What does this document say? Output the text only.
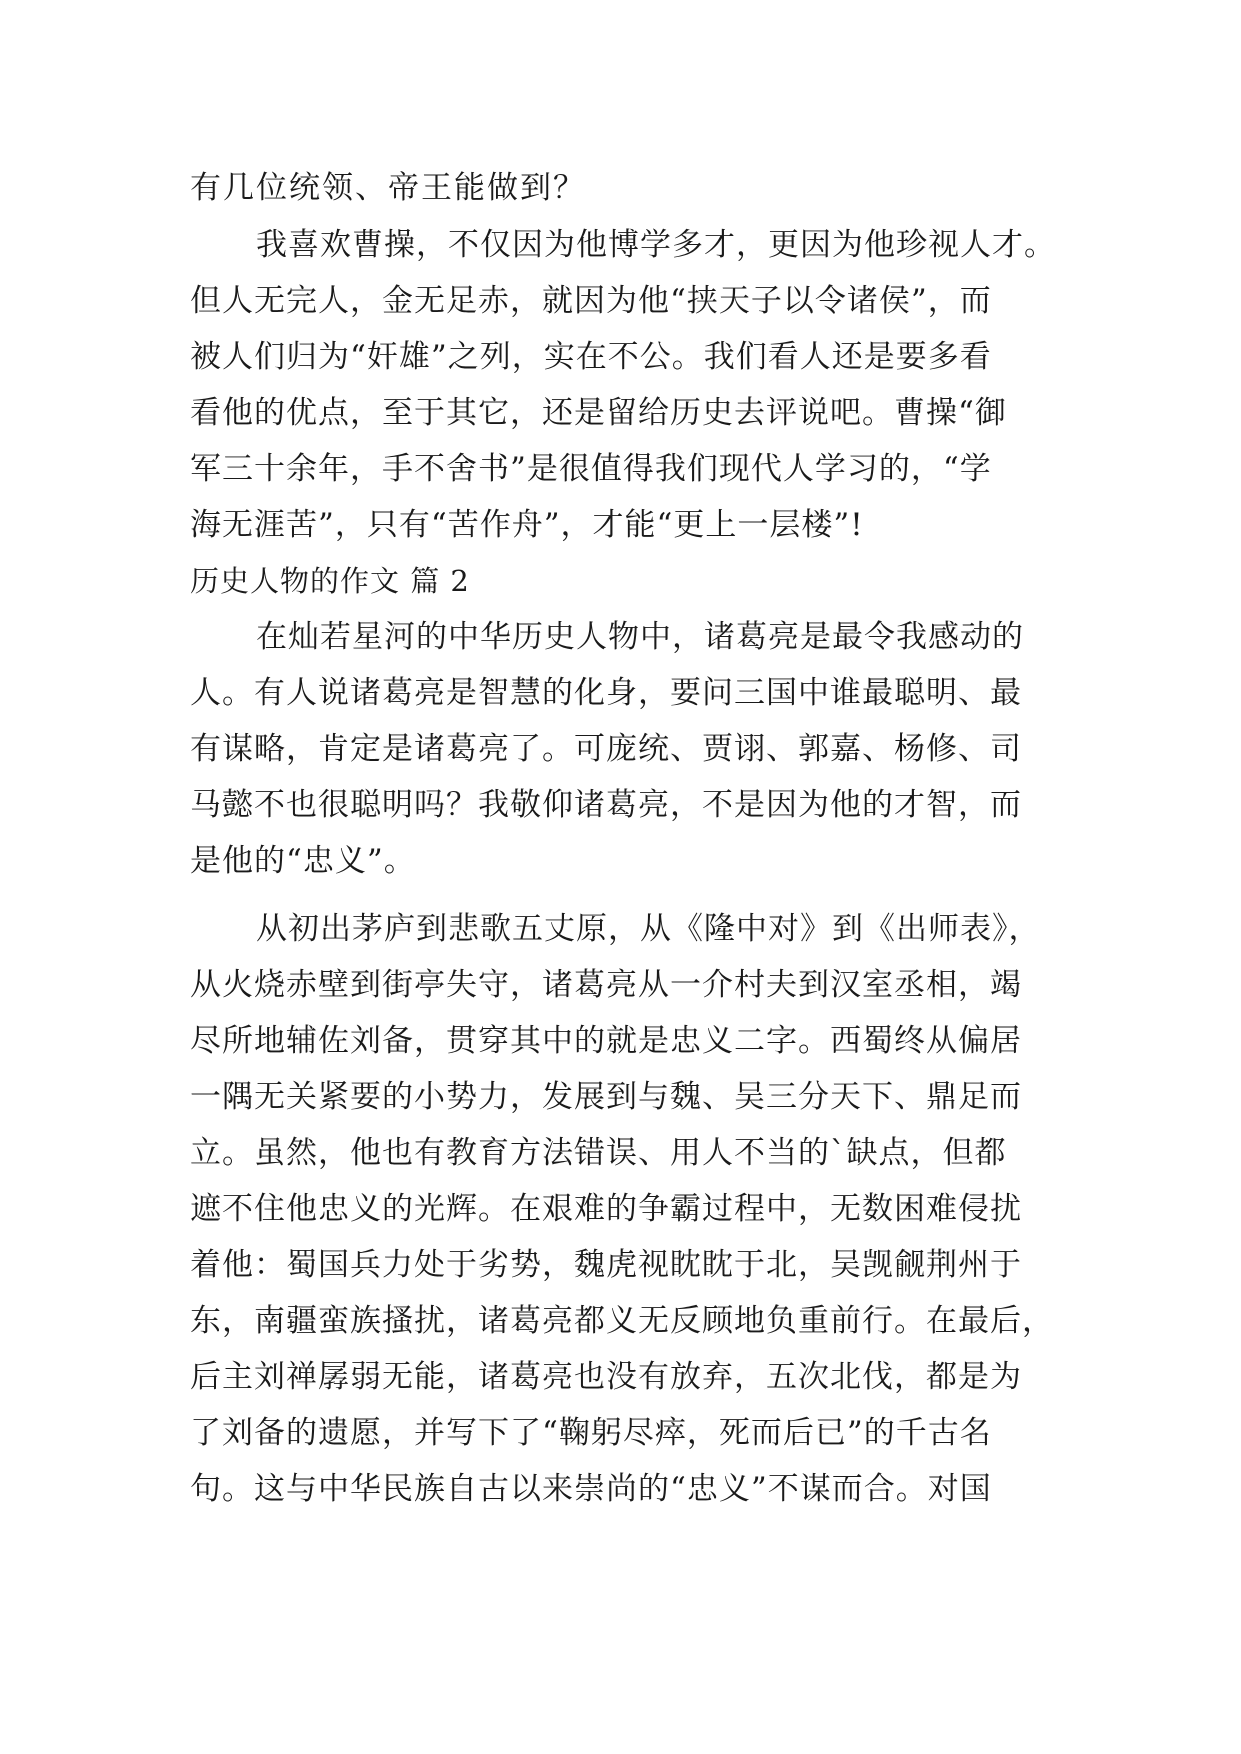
有几位统领、帝王能做到？
我喜欢曹操，不仅因为他博学多才，更因为他珍视人才。
但人无完人，金无足赤，就因为他“挟天子以令诸侯”，而
被人们归为“奸雄”之列，实在不公。我们看人还是要多看
看他的优点，至于其它，还是留给历史去评说吧。曹操“御
军三十余年，手不舍书”是很值得我们现代人学习的，“学
海无涯苦”，只有“苦作舟”，才能“更上一层楼”!
历史人物的作文 篇 2
在灿若星河的中华历史人物中，诸葛亮是最令我感动的
人。有人说诸葛亮是智慧的化身，要问三国中谁最聪明、最
有谋略，肯定是诸葛亮了。可庞统、贾诩、郭嘉、杨修、司
马懿不也很聪明吗？我敬仰诸葛亮，不是因为他的才智，而
是他的“忠义”。
从初出茅庐到悲歌五丈原，从《隆中对》到《出师表》，
从火烧赤壁到街亭失守，诸葛亮从一介村夫到汉室丞相，竭
尽所地辅佐刘备，贯穿其中的就是忠义二字。西蜀终从偏居
一隅无关紧要的小势力，发展到与魏、吴三分天下、鼎足而
立。虽然，他也有教育方法错误、用人不当的`缺点，但都
遮不住他忠义的光辉。在艰难的争霸过程中，无数困难侵扰
着他：蜀国兵力处于劣势，魏虎视眈眈于北，吴觊觎荆州于
东，南疆蛮族搔扰，诸葛亮都义无反顾地负重前行。在最后，
后主刘禅孱弱无能，诸葛亮也没有放弃，五次北伐，都是为
了刘备的遗愿，并写下了“鞠躬尽瘁，死而后已”的千古名
句。这与中华民族自古以来崇尚的“忠义”不谋而合。对国
